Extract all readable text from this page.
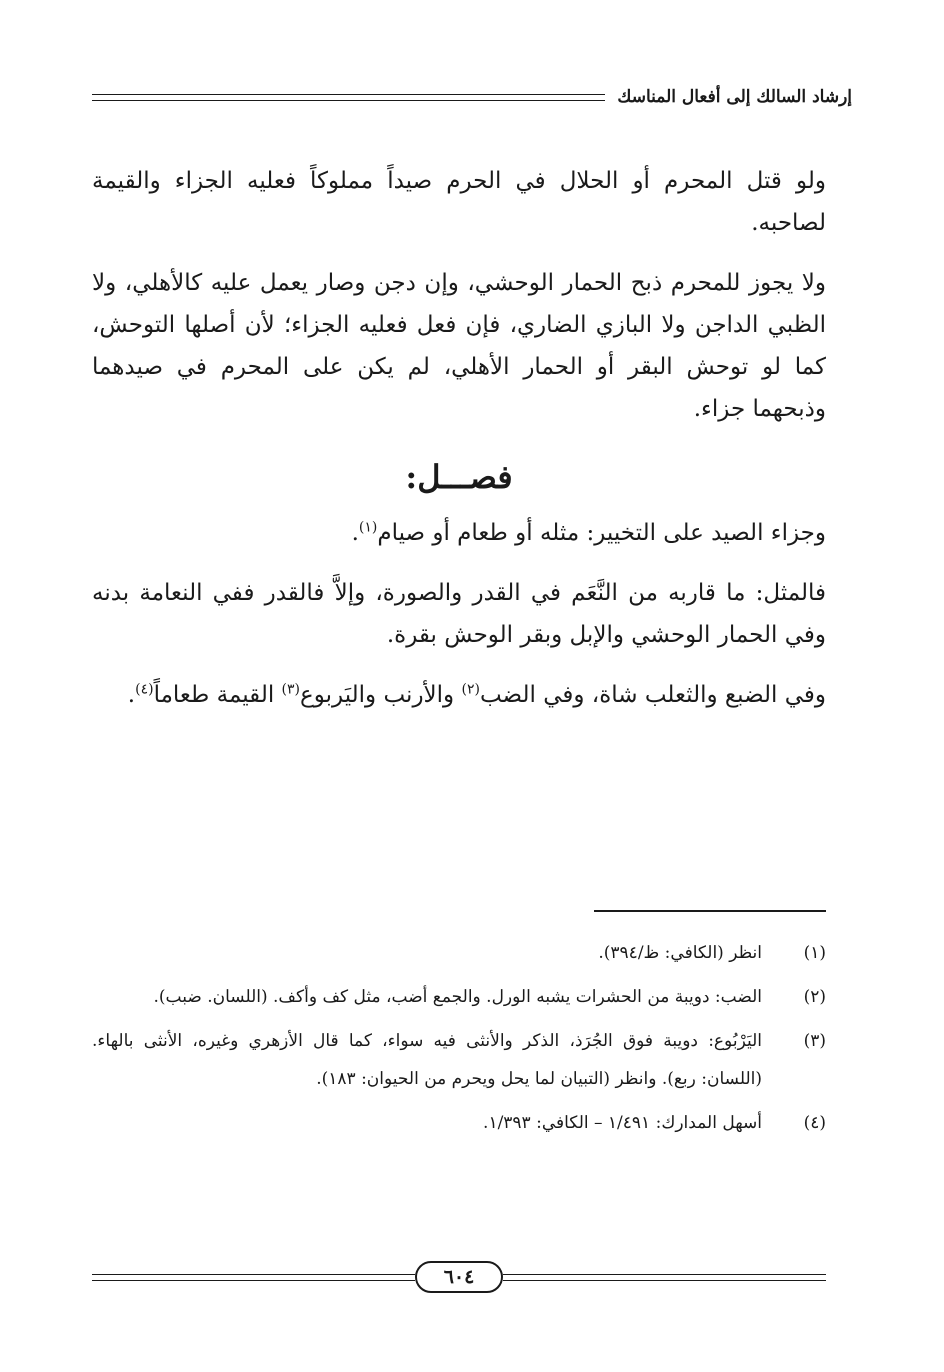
إرشاد السالك إلى أفعال المناسك

ولو قتل المحرم أو الحلال في الحرم صيداً مملوكاً فعليه الجزاء والقيمة لصاحبه.

ولا يجوز للمحرم ذبح الحمار الوحشي، وإن دجن وصار يعمل عليه كالأهلي، ولا الظبي الداجن ولا البازي الضاري، فإن فعل فعليه الجزاء؛ لأن أصلها التوحش، كما لو توحش البقر أو الحمار الأهلي، لم يكن على المحرم في صيدهما وذبحهما جزاء.

فصـــل:

وجزاء الصيد على التخيير: مثله أو طعام أو صيام$^{(١)}$.

فالمثل: ما قاربه من النَّعَم في القدر والصورة، وإلاَّ فالقدر ففي النعامة بدنه وفي الحمار الوحشي والإبل وبقر الوحش بقرة.

وفي الضبع والثعلب شاة، وفي الضب$^{(٢)}$ والأرنب واليَربوع$^{(٣)}$ القيمة طعاماً$^{(٤)}$.

(١)
انظر (الكافي: ظ/٣٩٤).
(٢)
الضب: دويبة من الحشرات يشبه الورل. والجمع أضب، مثل كف وأكف. (اللسان. ضبب).
(٣)
اليَرْبُوع: دويبة فوق الجُرَذ، الذكر والأنثى فيه سواء، كما قال الأزهري وغيره، الأنثى بالهاء. (اللسان: ربع). وانظر (التبيان لما يحل ويحرم من الحيوان: ١٨٣).
(٤)
أسهل المدارك: ١/٤٩١ – الكافي: ١/٣٩٣.
٦٠٤
